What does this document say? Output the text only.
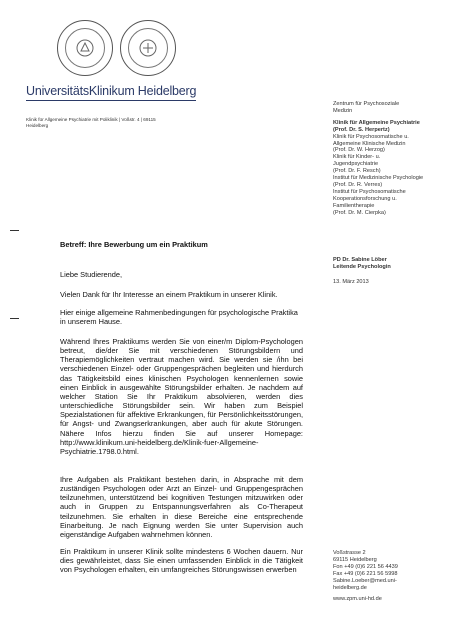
UniversitätsKlinikum Heidelberg
Klinik für Allgemeine Psychiatrie mit Poliklinik | Voßstr. 4 | 69115
Heidelberg
Zentrum für Psychosoziale
Medizin
Klinik für Allgemeine Psychiatrie
(Prof. Dr. S. Herpertz)
Klinik für Psychosomatische u.
Allgemeine Klinische Medizin
(Prof. Dr. W. Herzog)
Klinik für Kinder- u.
Jugendpsychiatrie
(Prof. Dr. F. Resch)
Institut für Medizinische Psychologie
(Prof. Dr. R. Verres)
Institut für Psychosomatische
Kooperationsforschung u.
Familientherapie
(Prof. Dr. M. Cierpka)
PD Dr. Sabine Löber
Leitende Psychologin
13. März 2013
Voßstrasse 2
69115 Heidelberg
Fon +49 (0)6 221 56 4439
Fax +49 (0)6 221 56 5998
Sabine.Loeber@med.uni-
heidelberg.de
www.zpm.uni-hd.de

Betreff: Ihre Bewerbung um ein Praktikum

Liebe Studierende,

Vielen Dank für Ihr Interesse an einem Praktikum in unserer Klinik.

Hier einige allgemeine Rahmenbedingungen für psychologische Praktika

in unserem Hause.

Während Ihres Praktikums werden Sie von einer/m Diplom-Psychologen betreut, die/der Sie mit verschiedenen Störungsbildern und Therapiemöglichkeiten vertraut machen wird. Sie werden sie /ihn bei verschiedenen Einzel- oder Gruppengesprächen begleiten und hierdurch das Tätigkeitsbild eines klinischen Psychologen kennenlernen sowie einen Einblick in ausgewählte Störungsbilder erhalten. Je nachdem auf welcher Station Sie Ihr Praktikum absolvieren, werden dies unterschiedliche Störungsbilder sein. Wir haben zum Beispiel Spezialstationen für affektive Erkrankungen, für Persönlichkeitsstörungen, für Angst- und Zwangserkrankungen, aber auch für akute Störungen. Nähere Infos hierzu finden Sie auf unserer Homepage: http://www.klinikum.uni-heidelberg.de/Klinik-fuer-Allgemeine-Psychiatrie.1798.0.html.

Ihre Aufgaben als Praktikant bestehen darin, in Absprache mit dem zuständigen Psychologen oder Arzt an Einzel- und Gruppengesprächen teilzunehmen, unterstützend bei kognitiven Testungen mitzuwirken oder auch in Gruppen zu Entspannungsverfahren als Co-Therapeut teilzunehmen. Sie erhalten in diese Bereiche eine entsprechende Einarbeitung. Je nach Eignung werden Sie unter Supervision auch eigenständige Aufgaben wahrnehmen können.

Ein Praktikum in unserer Klinik sollte mindestens 6 Wochen dauern. Nur dies gewährleistet, dass Sie einen umfassenden Einblick in die Tätigkeit von Psychologen erhalten, ein umfangreiches Störungswissen erwerben
